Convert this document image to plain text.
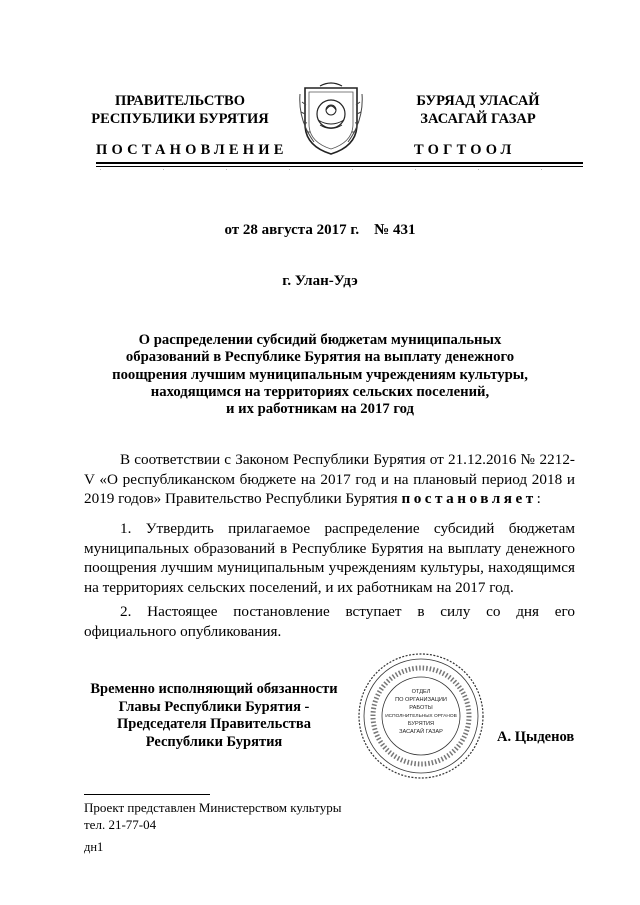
ПРАВИТЕЛЬСТВО
РЕСПУБЛИКИ БУРЯТИЯ
БУРЯАД УЛАСАЙ
ЗАСАГАЙ ГАЗАР
ПОСТАНОВЛЕНИЕ	ТОГТООЛ
от 28 августа 2017 г.    № 431
г. Улан-Удэ
О распределении субсидий бюджетам муниципальных
образований в Республике Бурятия на выплату денежного
поощрения лучшим муниципальным учреждениям культуры,
находящимся на территориях сельских поселений,
и их работникам на 2017 год

В соответствии с Законом Республики Бурятия от 21.12.2016 № 2212-V «О республиканском бюджете на 2017 год и на плановый период 2018 и 2019 годов» Правительство Республики Бурятия постановляет:

1. Утвердить прилагаемое распределение субсидий бюджетам муниципальных образований в Республике Бурятия на выплату денежного поощрения лучшим муниципальным учреждениям культуры, находящимся на территориях сельских поселений, и их работникам на 2017 год.

2. Настоящее постановление вступает в силу со дня его официального опубликования.

Временно исполняющий обязанности
Главы Республики Бурятия -
Председателя Правительства
Республики Бурятия
ОТДЕЛ
ПО ОРГАНИЗАЦИИ
РАБОТЫ
ИСПОЛНИТЕЛЬНЫХ ОРГАНОВ
БУРЯТИЯ
ЗАСАГАЙ ГАЗАР	А. Цыденов
Проект представлен Министерством культуры
тел. 21-77-04
дн1
